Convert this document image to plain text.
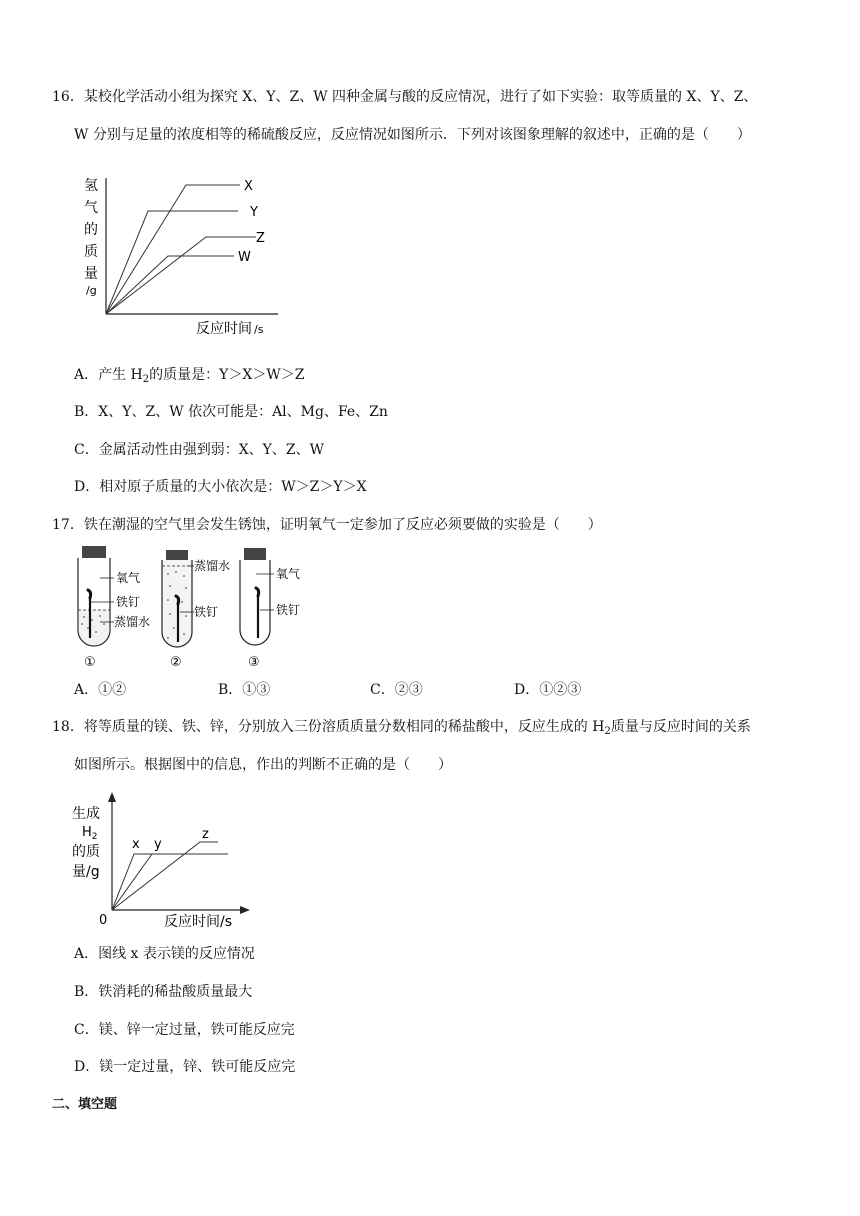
16．某校化学活动小组为探究 X、Y、Z、W 四种金属与酸的反应情况，进行了如下实验：取等质量的 X、Y、Z、
W 分别与足量的浓度相等的稀硫酸反应，反应情况如图所示．下列对该图象理解的叙述中，正确的是（　　）
X
Y
Z
W
氢
气
的
质
量
/g
反应时间 /s
A．产生 $H_2$的质量是：Y＞X＞W＞Z
B．X、Y、Z、W 依次可能是：Al、Mg、Fe、Zn
C．金属活动性由强到弱：X、Y、Z、W
D．相对原子质量的大小依次是：W＞Z＞Y＞X
17．铁在潮湿的空气里会发生锈蚀，证明氧气一定参加了反应必须要做的实验是（　　）
氧气
铁钉
蒸馏水
①
蒸馏水
铁钉
②
氧气
铁钉
③
A．①②	B．①③	C．②③	D．①②③
18．将等质量的镁、铁、锌，分别放入三份溶质质量分数相同的稀盐酸中，反应生成的 $H_2$质量与反应时间的关系
如图所示。根据图中的信息，作出的判断不正确的是（　　）
x y
z
生成
$H_2$
的质
量/g
0	反应时间/s
A．图线 x 表示镁的反应情况
B．铁消耗的稀盐酸质量最大
C．镁、锌一定过量，铁可能反应完
D．镁一定过量，锌、铁可能反应完
二、填空题
